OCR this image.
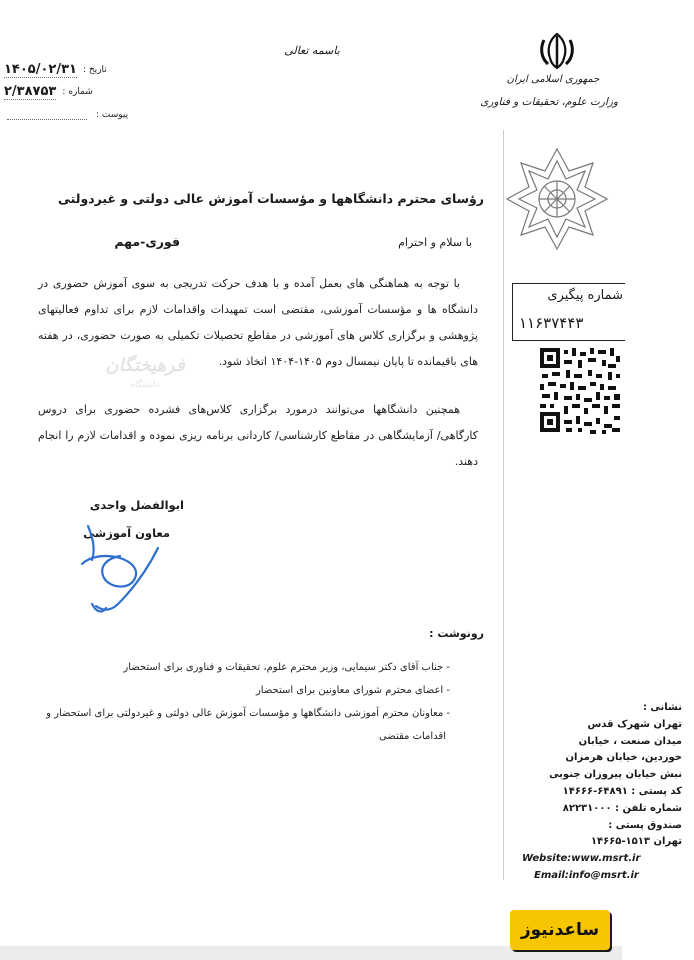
جمهوری اسلامی ایران
وزارت علوم، تحقیقات و فناوری
باسمه تعالی
تاریخ :
۱۴۰۵/۰۲/۳۱
شماره :
۲/۳۸۷۵۳
پیوست :
شماره پیگیری
۱۱۶۳۷۴۴۳
رؤسای محترم دانشگاهها و مؤسسات آموزش عالی دولتی و غیردولتی
فوری-مهم	با سلام و احترام
با توجه به هماهنگی های بعمل آمده و با هدف حرکت تدریجی به سوی آموزش حضوری در دانشگاه ها و مؤسسات آموزشی، مقتضی است تمهیدات واقدامات لازم برای تداوم فعالیتهای پژوهشی و برگزاری کلاس های آموزشی در مقاطع تحصیلات تکمیلی به صورت حضوری، در هفته های باقیمانده تا پایان نیمسال دوم ۱۴۰۵-۱۴۰۴ اتخاذ شود.
همچنین دانشگاهها می‌توانند درمورد برگزاری کلاس‌های فشرده حضوری برای دروس کارگاهی/ آزمایشگاهی در مقاطع کارشناسی/ کاردانی برنامه ریزی نموده و اقدامات لازم را انجام دهند.
فرهیختگان
دانشگاه
ابوالفضل واحدی
معاون آموزشی
رونوشت :
- جناب آقای دکتر سیمایی، وزیر محترم علوم، تحقیقات و فناوری برای استحضار
- اعضای محترم شورای معاونین برای استحضار
- معاونان محترم آموزشی دانشگاهها و مؤسسات آموزش عالی دولتی و غیردولتی برای استحضار و
اقدامات مقتضی
نشانی :
تهران شهرک قدس
میدان صنعت ، خیابان
خوردین، خیابان هرمزان
نبش خیابان پیروزان جنوبی
کد پستی : ۶۴۸۹۱-۱۴۶۶۶
شماره تلفن : ۸۲۲۳۱۰۰۰
صندوق پستی :
تهران ۱۵۱۳-۱۴۶۶۵
Website:www.msrt.ir
Email:info@msrt.ir
ساعدنیوز
